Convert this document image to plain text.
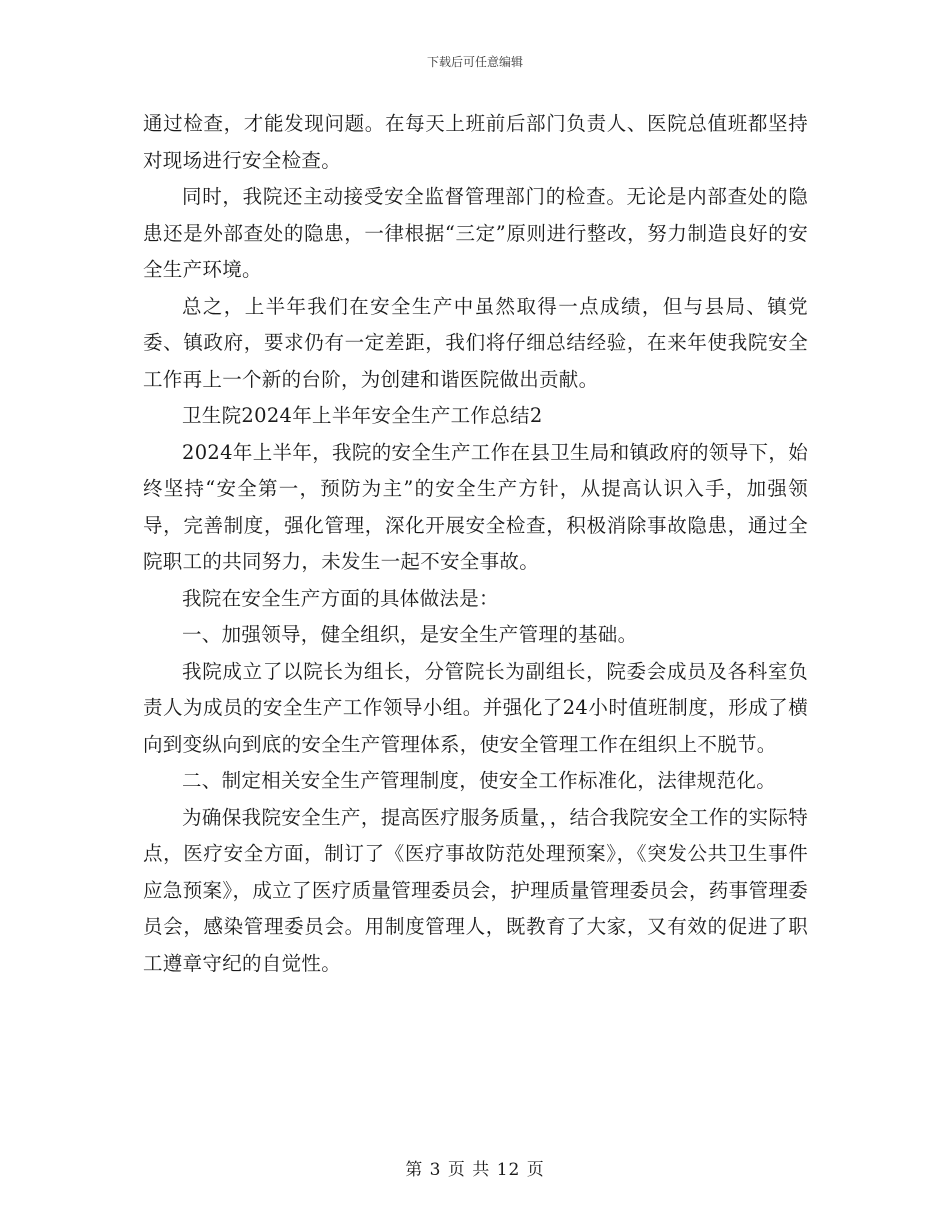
下载后可任意编辑

通过检查，才能发现问题。在每天上班前后部门负责人、医院总值班都坚持对现场进行安全检查。

同时，我院还主动接受安全监督管理部门的检查。无论是内部查处的隐患还是外部查处的隐患，一律根据“三定”原则进行整改，努力制造良好的安全生产环境。

总之，上半年我们在安全生产中虽然取得一点成绩，但与县局、镇党委、镇政府，要求仍有一定差距，我们将仔细总结经验，在来年使我院安全工作再上一个新的台阶，为创建和谐医院做出贡献。

卫生院2024年上半年安全生产工作总结2

2024年上半年，我院的安全生产工作在县卫生局和镇政府的领导下，始终坚持“安全第一，预防为主”的安全生产方针，从提高认识入手，加强领导，完善制度，强化管理，深化开展安全检查，积极消除事故隐患，通过全院职工的共同努力，未发生一起不安全事故。

我院在安全生产方面的具体做法是：

一、加强领导，健全组织，是安全生产管理的基础。

我院成立了以院长为组长，分管院长为副组长，院委会成员及各科室负责人为成员的安全生产工作领导小组。并强化了24小时值班制度，形成了横向到变纵向到底的安全生产管理体系，使安全管理工作在组织上不脱节。

二、制定相关安全生产管理制度，使安全工作标准化，法律规范化。

为确保我院安全生产，提高医疗服务质量，，结合我院安全工作的实际特点，医疗安全方面，制订了《医疗事故防范处理预案》，《突发公共卫生事件应急预案》，成立了医疗质量管理委员会，护理质量管理委员会，药事管理委员会，感染管理委员会。用制度管理人，既教育了大家，又有效的促进了职工遵章守纪的自觉性。

第 3 页 共 12 页
